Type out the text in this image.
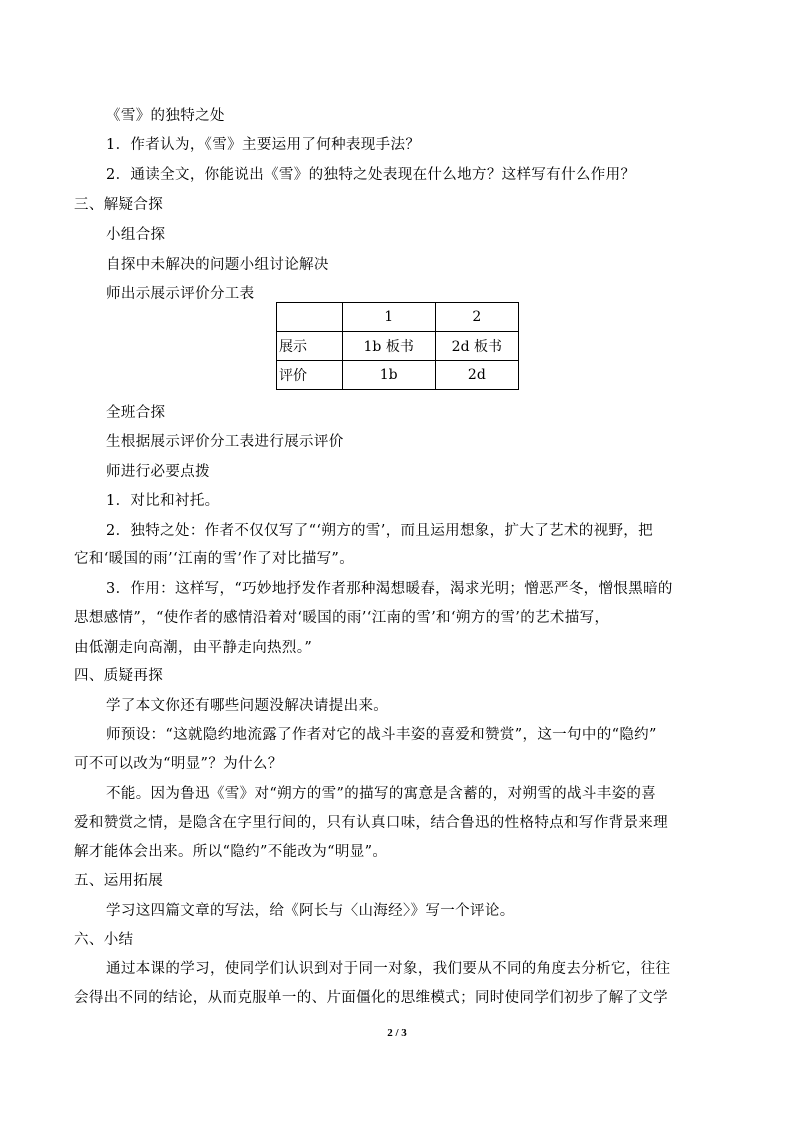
《雪》的独特之处
1．作者认为，《雪》主要运用了何种表现手法？
2．通读全文，你能说出《雪》的独特之处表现在什么地方？这样写有什么作用？
三、解疑合探
小组合探
自探中未解决的问题小组讨论解决
师出示展示评价分工表
	1	2
展示	1b 板书	2d 板书
评价	1b	2d
全班合探
生根据展示评价分工表进行展示评价
师进行必要点拨
1．对比和衬托。
2．独特之处：作者不仅仅写了“‘朔方的雪’，而且运用想象，扩大了艺术的视野，把
它和‘暖国的雨’‘江南的雪’作了对比描写”。
3．作用：这样写，“巧妙地抒发作者那种渴想暖春，渴求光明；憎恶严冬，憎恨黑暗的
思想感情”，“使作者的感情沿着对‘暖国的雨’‘江南的雪’和‘朔方的雪’的艺术描写，
由低潮走向高潮，由平静走向热烈。”
四、质疑再探
学了本文你还有哪些问题没解决请提出来。
师预设：“这就隐约地流露了作者对它的战斗丰姿的喜爱和赞赏”，这一句中的“隐约”
可不可以改为“明显”？为什么？
不能。因为鲁迅《雪》对“朔方的雪”的描写的寓意是含蓄的，对朔雪的战斗丰姿的喜
爱和赞赏之情，是隐含在字里行间的，只有认真口味，结合鲁迅的性格特点和写作背景来理
解才能体会出来。所以“隐约”不能改为“明显”。
五、运用拓展
学习这四篇文章的写法，给《阿长与〈山海经〉》写一个评论。
六、小结
通过本课的学习，使同学们认识到对于同一对象，我们要从不同的角度去分析它，往往
会得出不同的结论，从而克服单一的、片面僵化的思维模式；同时使同学们初步了解了文学
2 / 3
